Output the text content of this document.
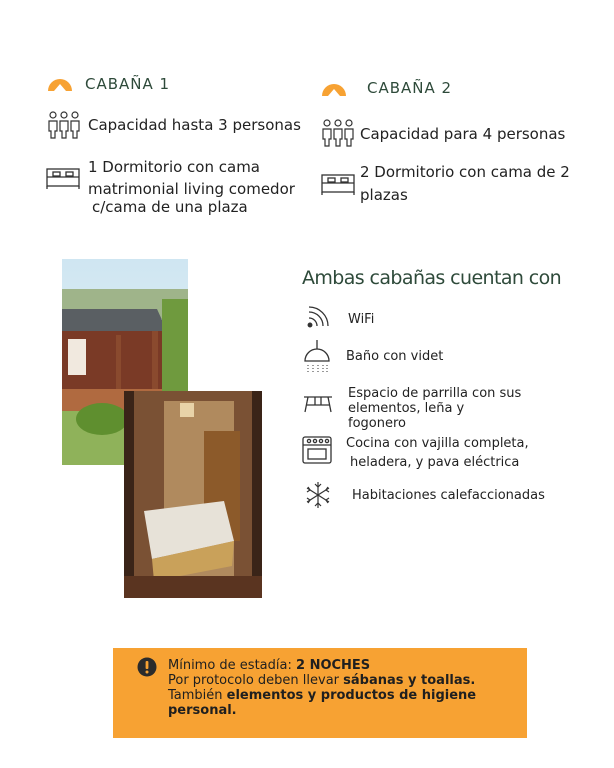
CABAÑA 1
Capacidad hasta 3 personas
1 Dormitorio con cama
matrimonial living comedor
c/cama de una plaza
CABAÑA 2
Capacidad para 4 personas
2 Dormitorio con cama de 2
plazas
Ambas cabañas cuentan con
WiFi
Baño con videt
Espacio de parrilla con sus
elementos, leña y
fogonero
Cocina con vajilla completa,
heladera, y pava eléctrica
Habitaciones calefaccionadas
Mínimo de estadía: 2 NOCHES
Por protocolo deben llevar sábanas y toallas.
También elementos y productos de higiene
personal.
